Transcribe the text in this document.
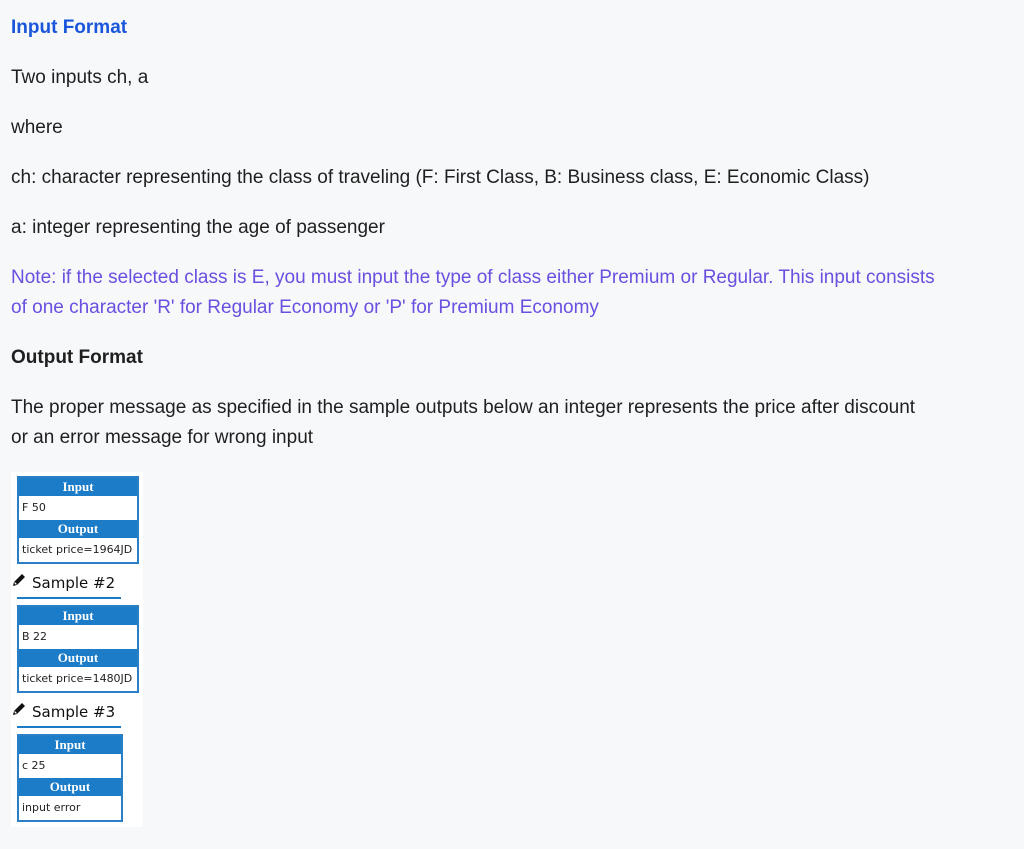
Input Format

Two inputs ch, a

where

ch: character representing the class of traveling (F: First Class, B: Business class, E: Economic Class)

a: integer representing the age of passenger

Note: if the selected class is E, you must input the type of class either Premium or Regular. This input consists

of one character 'R' for Regular Economy or 'P' for Premium Economy

Output Format

The proper message as specified in the sample outputs below an integer represents the price after discount

or an error message for wrong input

Input
F 50
Output
ticket price=1964JD
Sample #2
Input
B 22
Output
ticket price=1480JD
Sample #3
Input
c 25
Output
input error
